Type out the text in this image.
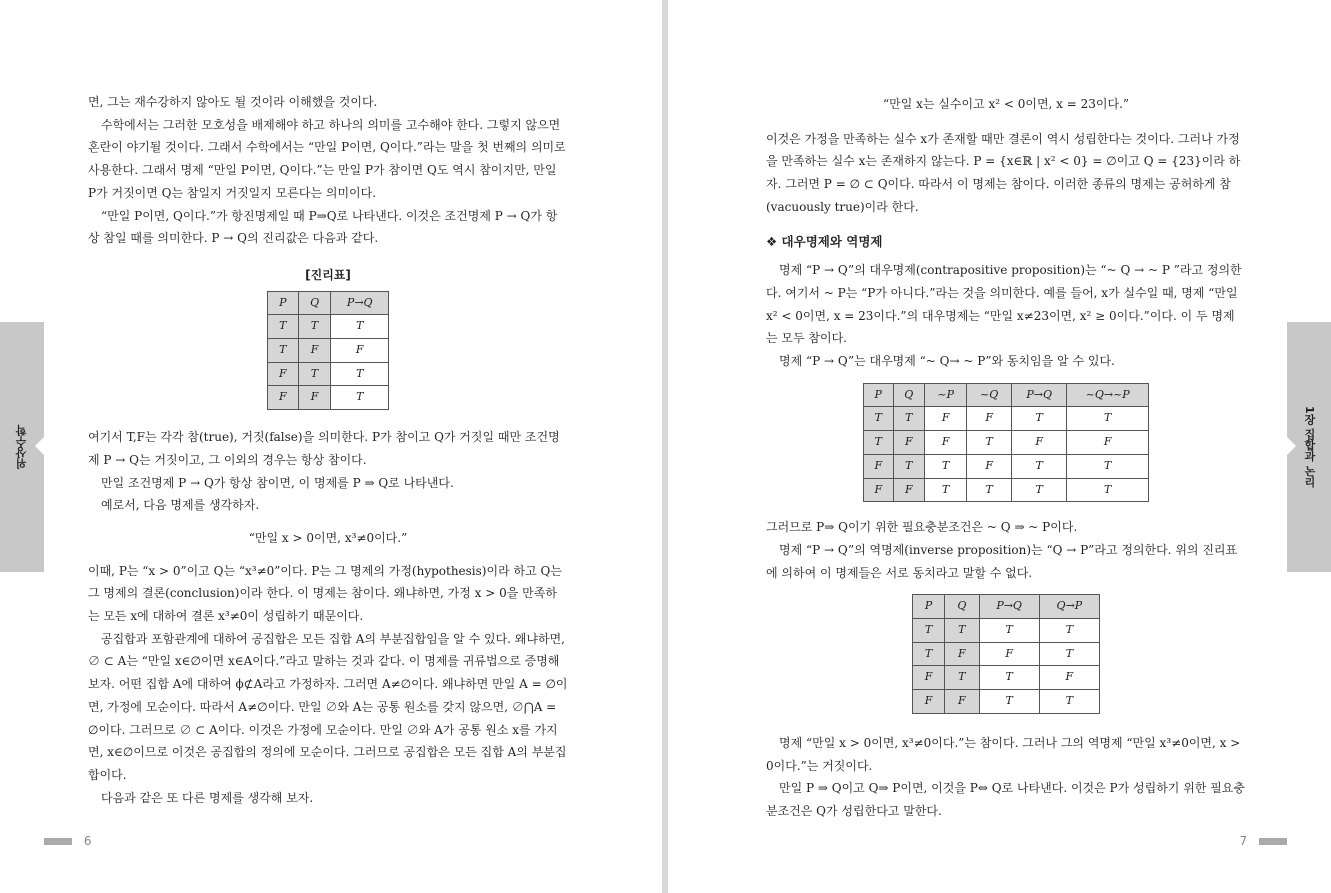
면, 그는 재수강하지 않아도 될 것이라 이해했을 것이다.

수학에서는 그러한 모호성을 배제해야 하고 하나의 의미를 고수해야 한다. 그렇지 않으면 혼란이 야기될 것이다. 그래서 수학에서는 “만일 P이면, Q이다.”라는 말을 첫 번째의 의미로 사용한다. 그래서 명제 “만일 P이면, Q이다.”는 만일 P가 참이면 Q도 역시 참이지만, 만일 P가 거짓이면 Q는 참일지 거짓일지 모른다는 의미이다.

“만일 P이면, Q이다.”가 항진명제일 때 P⇒Q로 나타낸다. 이것은 조건명제 P → Q가 항상 참일 때를 의미한다. P → Q의 진리값은 다음과 같다.

[진리표]

P	Q	P→Q
T	T	T
T	F	F
F	T	T
F	F	T

여기서 T,F는 각각 참(true), 거짓(false)을 의미한다. P가 참이고 Q가 거짓일 때만 조건명제 P → Q는 거짓이고, 그 이외의 경우는 항상 참이다.

만일 조건명제 P → Q가 항상 참이면, 이 명제를 P ⇒ Q로 나타낸다.

예로서, 다음 명제를 생각하자.

“만일 x > 0이면, x³≠0이다.”

이때, P는 “x > 0”이고 Q는 “x³≠0”이다. P는 그 명제의 가정(hypothesis)이라 하고 Q는 그 명제의 결론(conclusion)이라 한다. 이 명제는 참이다. 왜냐하면, 가정 x > 0을 만족하는 모든 x에 대하여 결론 x³≠0이 성립하기 때문이다.

공집합과 포함관계에 대하여 공집합은 모든 집합 A의 부분집합임을 알 수 있다. 왜냐하면, ∅ ⊂ A는 “만일 x∈∅이면 x∈A이다.”라고 말하는 것과 같다. 이 명제를 귀류법으로 증명해 보자. 어떤 집합 A에 대하여 ϕ⊄A라고 가정하자. 그러면 A≠∅이다. 왜냐하면 만일 A = ∅이면, 가정에 모순이다. 따라서 A≠∅이다. 만일 ∅와 A는 공통 원소를 갖지 않으면, ∅⋂A = ∅이다. 그러므로 ∅ ⊂ A이다. 이것은 가정에 모순이다. 만일 ∅와 A가 공통 원소 x를 가지면, x∈∅이므로 이것은 공집합의 정의에 모순이다. 그러므로 공집합은 모든 집합 A의 부분집합이다.

다음과 같은 또 다른 명제를 생각해 보자.

위상수학
6

“만일 x는 실수이고 x² < 0이면, x = 23이다.”

이것은 가정을 만족하는 실수 x가 존재할 때만 결론이 역시 성립한다는 것이다. 그러나 가정을 만족하는 실수 x는 존재하지 않는다. P = {x∈ℝ | x² < 0} = ∅이고 Q = {23}이라 하자. 그러면 P = ∅ ⊂ Q이다. 따라서 이 명제는 참이다. 이러한 종류의 명제는 공허하게 참 (vacuously true)이라 한다.

❖ 대우명제와 역명제

명제 “P → Q”의 대우명제(contrapositive proposition)는 “~ Q → ~ P ”라고 정의한다. 여기서 ~ P는 “P가 아니다.”라는 것을 의미한다. 예를 들어, x가 실수일 때, 명제 “만일 x² < 0이면, x = 23이다.”의 대우명제는 “만일 x≠23이면, x² ≥ 0이다.”이다. 이 두 명제는 모두 참이다.

명제 “P → Q”는 대우명제 “~ Q→ ~ P”와 동치임을 알 수 있다.

P	Q	~P	~Q	P→Q	~Q→~P
T	T	F	F	T	T
T	F	F	T	F	F
F	T	T	F	T	T
F	F	T	T	T	T

그러므로 P⇒ Q이기 위한 필요충분조건은 ~ Q ⇒ ~ P이다.

명제 “P → Q”의 역명제(inverse proposition)는 “Q → P”라고 정의한다. 위의 진리표에 의하여 이 명제들은 서로 동치라고 말할 수 없다.

P	Q	P→Q	Q→P
T	T	T	T
T	F	F	T
F	T	T	F
F	F	T	T

명제 “만일 x > 0이면, x³≠0이다.”는 참이다. 그러나 그의 역명제 “만일 x³≠0이면, x > 0이다.”는 거짓이다.

만일 P ⇒ Q이고 Q⇒ P이면, 이것을 P⇔ Q로 나타낸다. 이것은 P가 성립하기 위한 필요충분조건은 Q가 성립한다고 말한다.

1장 집합과 논리
7
